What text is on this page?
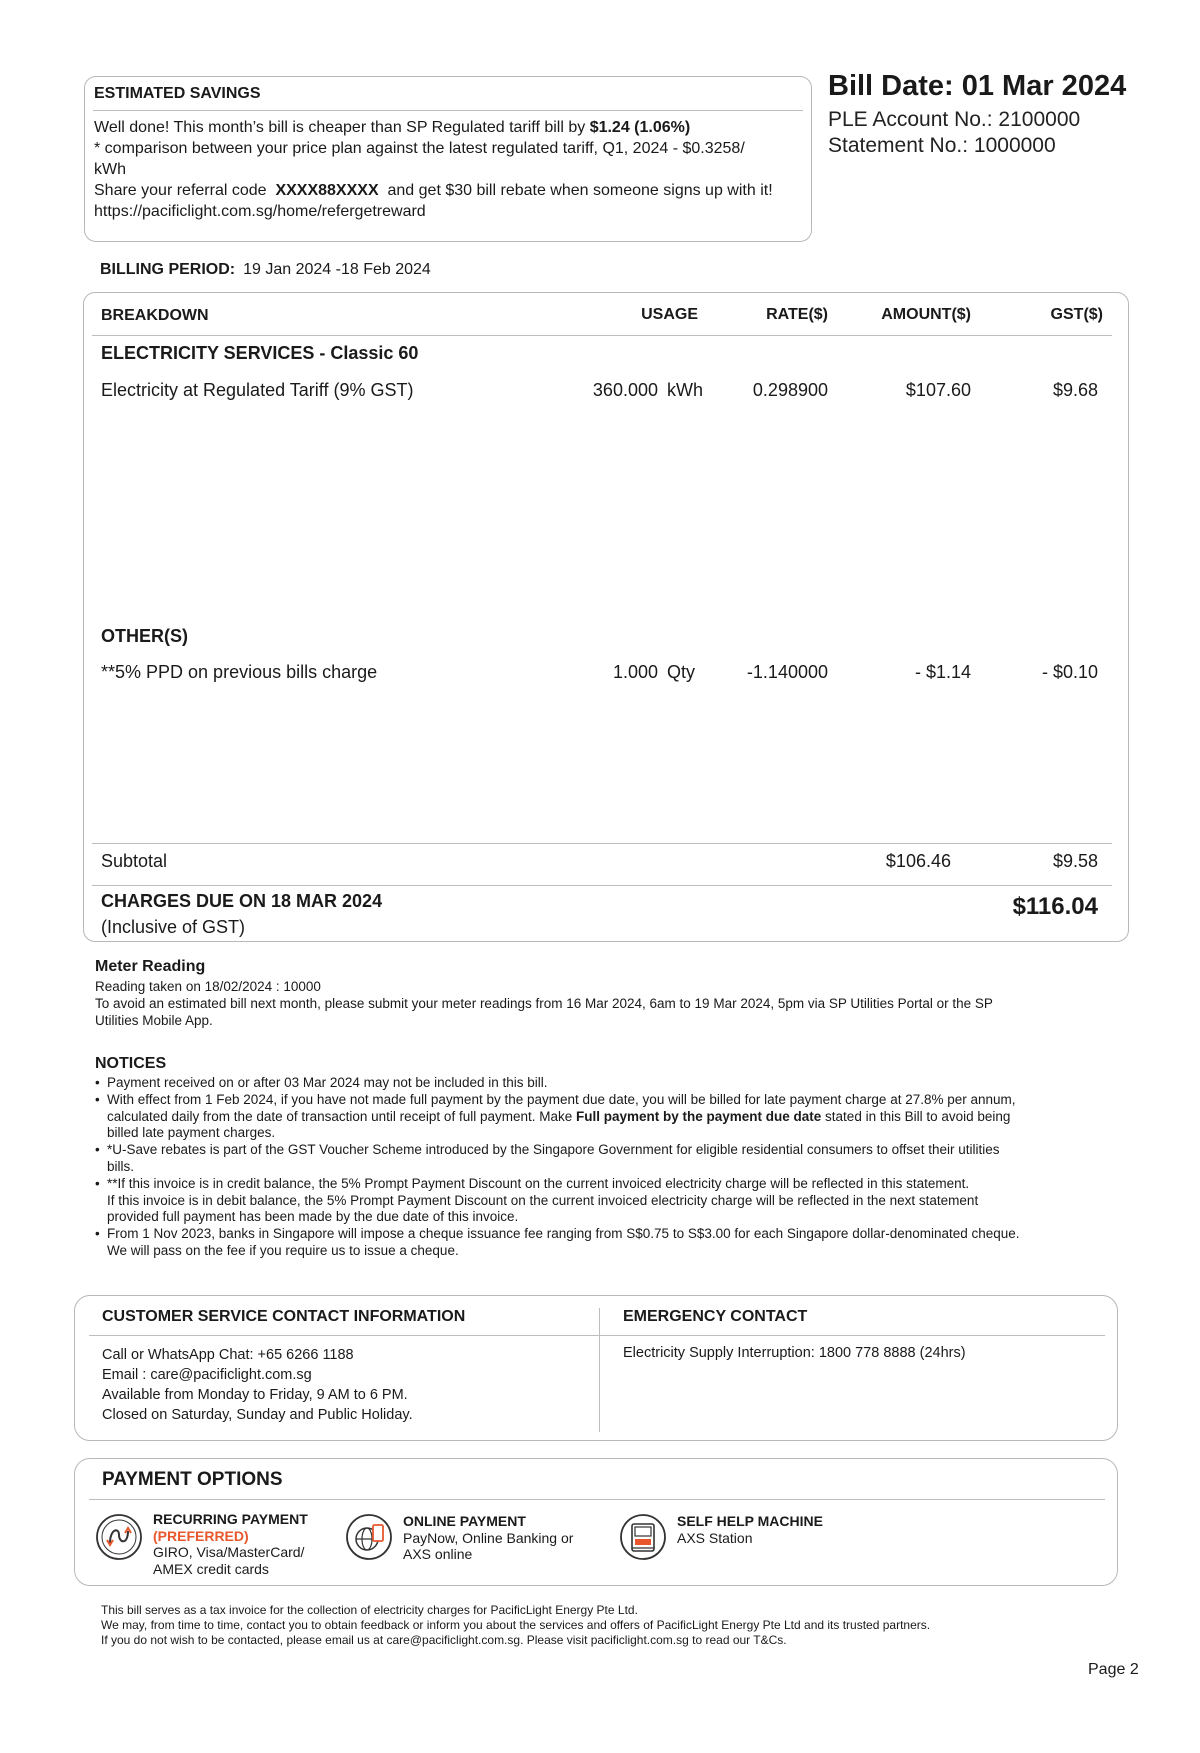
ESTIMATED SAVINGS
Well done! This month’s bill is cheaper than SP Regulated tariff bill by $1.24 (1.06%)
* comparison between your price plan against the latest regulated tariff, Q1, 2024 - $0.3258/
kWh
Share your referral code  XXXX88XXXX  and get $30 bill rebate when someone signs up with it!
https://pacificlight.com.sg/home/refergetreward
Bill Date: 01 Mar 2024
PLE Account No.: 2100000
Statement No.: 1000000
BILLING PERIOD: 19 Jan 2024 -18 Feb 2024
BREAKDOWN	USAGE	RATE($)	AMOUNT($)	GST($)
ELECTRICITY SERVICES - Classic 60
Electricity at Regulated Tariff (9% GST)	360.000 kWh	0.298900	$107.60	$9.68
OTHER(S)
**5% PPD on previous bills charge	1.000 Qty	-1.140000	- $1.14	- $0.10
Subtotal	$106.46	$9.58
CHARGES DUE ON 18 MAR 2024
(Inclusive of GST)
$116.04
Meter Reading
Reading taken on 18/02/2024 : 10000
To avoid an estimated bill next month, please submit your meter readings from 16 Mar 2024, 6am to 19 Mar 2024, 5pm via SP Utilities Portal or the SP
Utilities Mobile App.
NOTICES
• Payment received on or after 03 Mar 2024 may not be included in this bill.
• With effect from 1 Feb 2024, if you have not made full payment by the payment due date, you will be billed for late payment charge at 27.8% per annum,
calculated daily from the date of transaction until receipt of full payment. Make Full payment by the payment due date stated in this Bill to avoid being
billed late payment charges.
• *U-Save rebates is part of the GST Voucher Scheme introduced by the Singapore Government for eligible residential consumers to offset their utilities
bills.
• **If this invoice is in credit balance, the 5% Prompt Payment Discount on the current invoiced electricity charge will be reflected in this statement.
If this invoice is in debit balance, the 5% Prompt Payment Discount on the current invoiced electricity charge will be reflected in the next statement
provided full payment has been made by the due date of this invoice.
• From 1 Nov 2023, banks in Singapore will impose a cheque issuance fee ranging from S$0.75 to S$3.00 for each Singapore dollar-denominated cheque.
We will pass on the fee if you require us to issue a cheque.
CUSTOMER SERVICE CONTACT INFORMATION	EMERGENCY CONTACT
Call or WhatsApp Chat: +65 6266 1188
Email : care@pacificlight.com.sg
Available from Monday to Friday, 9 AM to 6 PM.
Closed on Saturday, Sunday and Public Holiday.
Electricity Supply Interruption: 1800 778 8888 (24hrs)
PAYMENT OPTIONS
RECURRING PAYMENT
(PREFERRED)
GIRO, Visa/MasterCard/
AMEX credit cards
ONLINE PAYMENT
PayNow, Online Banking or
AXS online
SELF HELP MACHINE
AXS Station
This bill serves as a tax invoice for the collection of electricity charges for PacificLight Energy Pte Ltd.
We may, from time to time, contact you to obtain feedback or inform you about the services and offers of PacificLight Energy Pte Ltd and its trusted partners.
If you do not wish to be contacted, please email us at care@pacificlight.com.sg. Please visit pacificlight.com.sg to read our T&Cs.
Page 2
